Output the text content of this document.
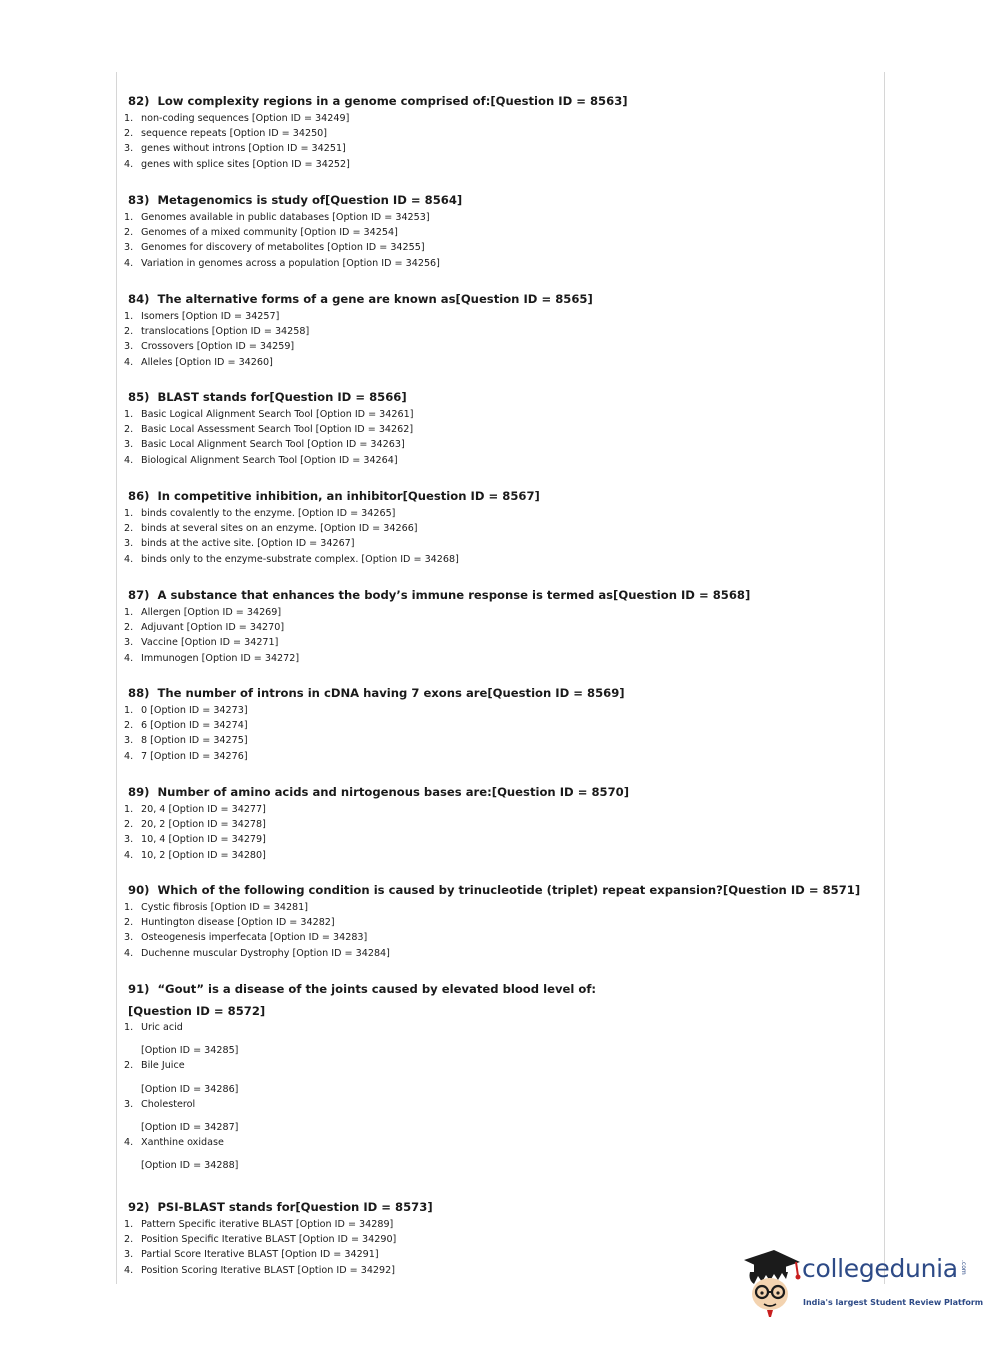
82) Low complexity regions in a genome comprised of:[Question ID = 8563]
1. non-coding sequences [Option ID = 34249]
2. sequence repeats [Option ID = 34250]
3. genes without introns [Option ID = 34251]
4. genes with splice sites [Option ID = 34252]
83) Metagenomics is study of[Question ID = 8564]
1. Genomes available in public databases [Option ID = 34253]
2. Genomes of a mixed community [Option ID = 34254]
3. Genomes for discovery of metabolites [Option ID = 34255]
4. Variation in genomes across a population [Option ID = 34256]
84) The alternative forms of a gene are known as[Question ID = 8565]
1. Isomers [Option ID = 34257]
2. translocations [Option ID = 34258]
3. Crossovers [Option ID = 34259]
4. Alleles [Option ID = 34260]
85) BLAST stands for[Question ID = 8566]
1. Basic Logical Alignment Search Tool [Option ID = 34261]
2. Basic Local Assessment Search Tool [Option ID = 34262]
3. Basic Local Alignment Search Tool [Option ID = 34263]
4. Biological Alignment Search Tool [Option ID = 34264]
86) In competitive inhibition, an inhibitor[Question ID = 8567]
1. binds covalently to the enzyme. [Option ID = 34265]
2. binds at several sites on an enzyme. [Option ID = 34266]
3. binds at the active site. [Option ID = 34267]
4. binds only to the enzyme-substrate complex. [Option ID = 34268]
87) A substance that enhances the body’s immune response is termed as[Question ID = 8568]
1. Allergen [Option ID = 34269]
2. Adjuvant [Option ID = 34270]
3. Vaccine [Option ID = 34271]
4. Immunogen [Option ID = 34272]
88) The number of introns in cDNA having 7 exons are[Question ID = 8569]
1. 0 [Option ID = 34273]
2. 6 [Option ID = 34274]
3. 8 [Option ID = 34275]
4. 7 [Option ID = 34276]
89) Number of amino acids and nirtogenous bases are:[Question ID = 8570]
1. 20, 4 [Option ID = 34277]
2. 20, 2 [Option ID = 34278]
3. 10, 4 [Option ID = 34279]
4. 10, 2 [Option ID = 34280]
90) Which of the following condition is caused by trinucleotide (triplet) repeat expansion?[Question ID = 8571]
1. Cystic fibrosis [Option ID = 34281]
2. Huntington disease [Option ID = 34282]
3. Osteogenesis imperfecata [Option ID = 34283]
4. Duchenne muscular Dystrophy [Option ID = 34284]
91) “Gout” is a disease of the joints caused by elevated blood level of:
[Question ID = 8572]
1. Uric acid
[Option ID = 34285]
2. Bile Juice
[Option ID = 34286]
3. Cholesterol
[Option ID = 34287]
4. Xanthine oxidase
[Option ID = 34288]
92) PSI-BLAST stands for[Question ID = 8573]
1. Pattern Specific iterative BLAST [Option ID = 34289]
2. Position Specific Iterative BLAST [Option ID = 34290]
3. Partial Score Iterative BLAST [Option ID = 34291]
4. Position Scoring Iterative BLAST [Option ID = 34292]	collegedunia .com
India's largest Student Review Platform
